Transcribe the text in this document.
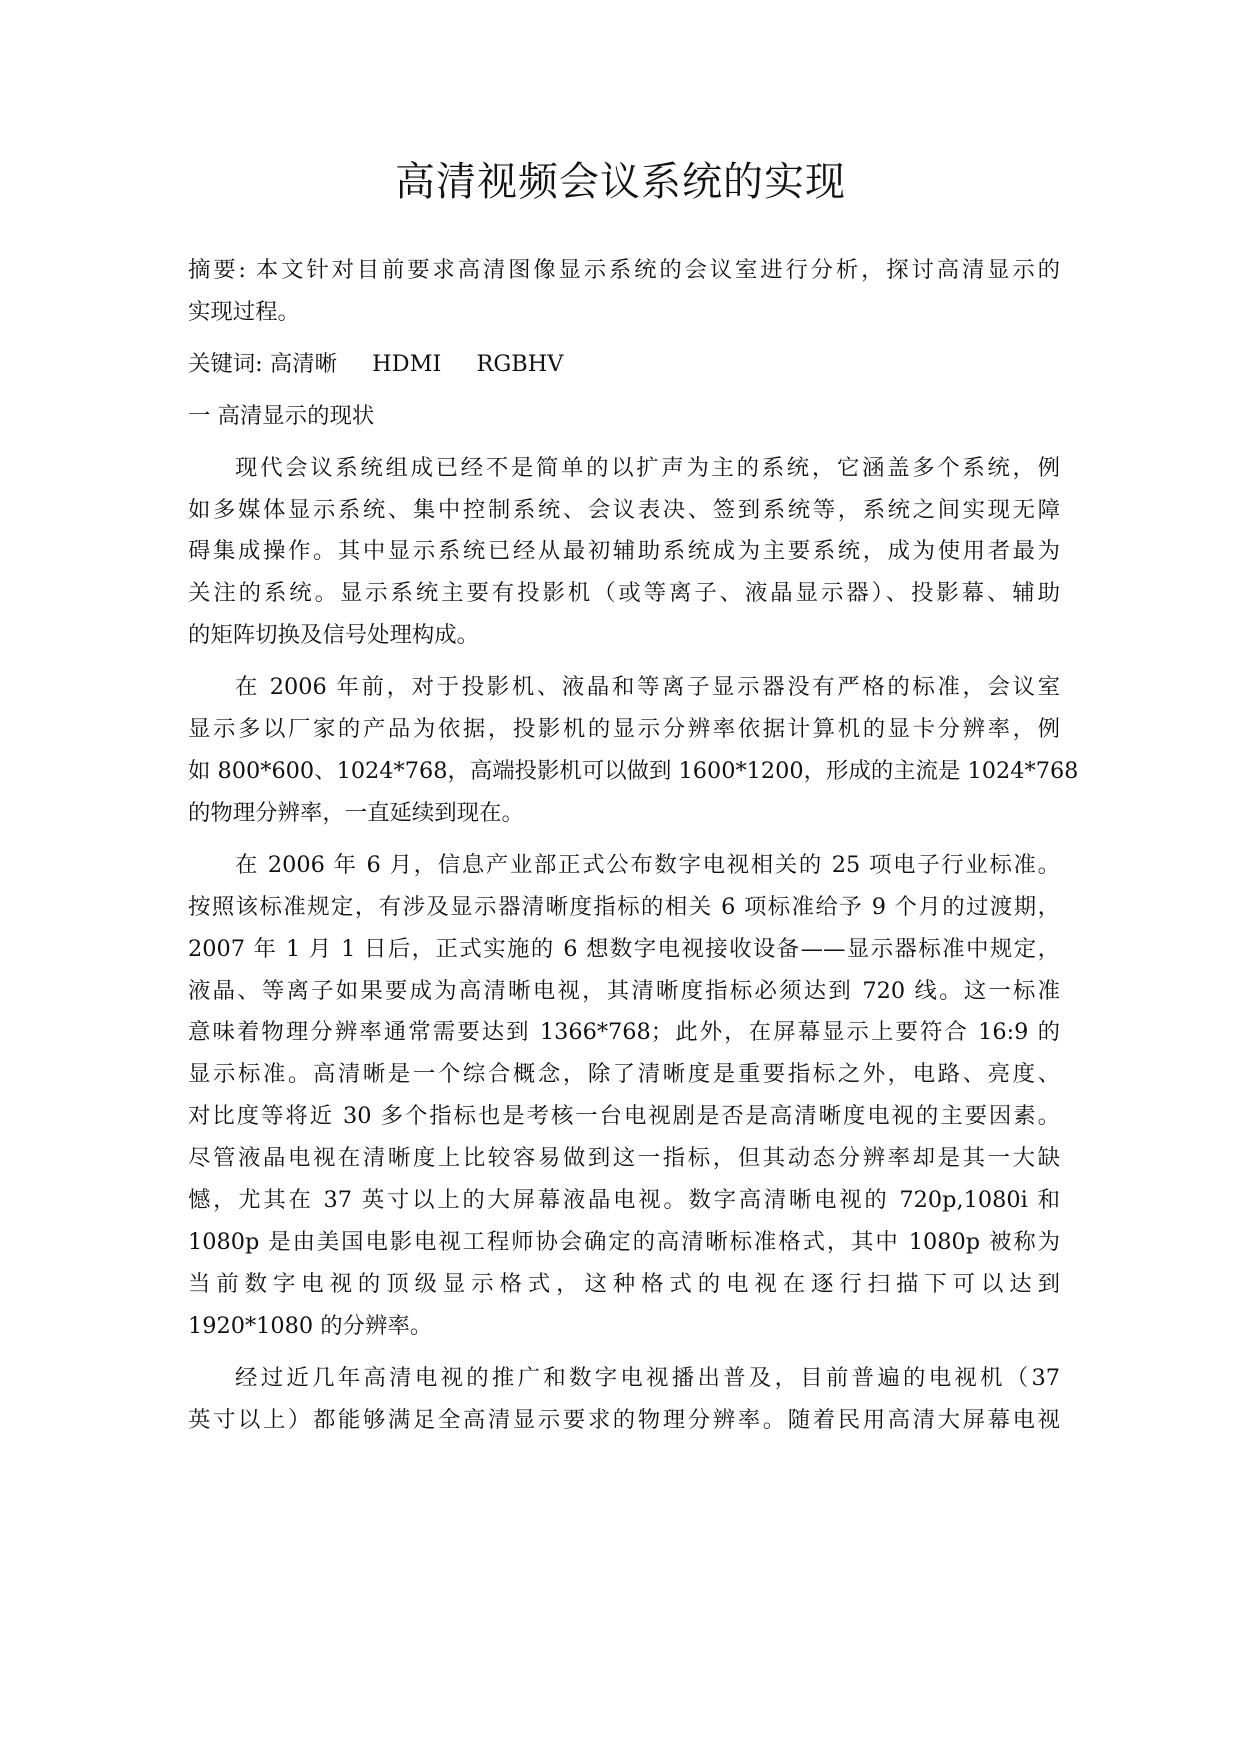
高清视频会议系统的实现
摘要: 本文针对目前要求高清图像显示系统的会议室进行分析，探讨高清显示的
实现过程。
关键词: 高清晰 HDMI RGBHV
一 高清显示的现状
现代会议系统组成已经不是简单的以扩声为主的系统，它涵盖多个系统，例
如多媒体显示系统、集中控制系统、会议表决、签到系统等，系统之间实现无障
碍集成操作。其中显示系统已经从最初辅助系统成为主要系统，成为使用者最为
关注的系统。显示系统主要有投影机（或等离子、液晶显示器）、投影幕、辅助
的矩阵切换及信号处理构成。
在 2006 年前，对于投影机、液晶和等离子显示器没有严格的标准，会议室
显示多以厂家的产品为依据，投影机的显示分辨率依据计算机的显卡分辨率，例
如 800*600、1024*768，高端投影机可以做到 1600*1200，形成的主流是 1024*768
的物理分辨率，一直延续到现在。
在 2006 年 6 月，信息产业部正式公布数字电视相关的 25 项电子行业标准。
按照该标准规定，有涉及显示器清晰度指标的相关 6 项标准给予 9 个月的过渡期，
2007 年 1 月 1 日后，正式实施的 6 想数字电视接收设备——显示器标准中规定，
液晶、等离子如果要成为高清晰电视，其清晰度指标必须达到 720 线。这一标准
意味着物理分辨率通常需要达到 1366*768；此外，在屏幕显示上要符合 16:9 的
显示标准。高清晰是一个综合概念，除了清晰度是重要指标之外，电路、亮度、
对比度等将近 30 多个指标也是考核一台电视剧是否是高清晰度电视的主要因素。
尽管液晶电视在清晰度上比较容易做到这一指标，但其动态分辨率却是其一大缺
憾，尤其在 37 英寸以上的大屏幕液晶电视。数字高清晰电视的 720p,1080i 和
1080p 是由美国电影电视工程师协会确定的高清晰标准格式，其中 1080p 被称为
当前数字电视的顶级显示格式，这种格式的电视在逐行扫描下可以达到
1920*1080 的分辨率。
经过近几年高清电视的推广和数字电视播出普及，目前普遍的电视机（37
英寸以上）都能够满足全高清显示要求的物理分辨率。随着民用高清大屏幕电视
